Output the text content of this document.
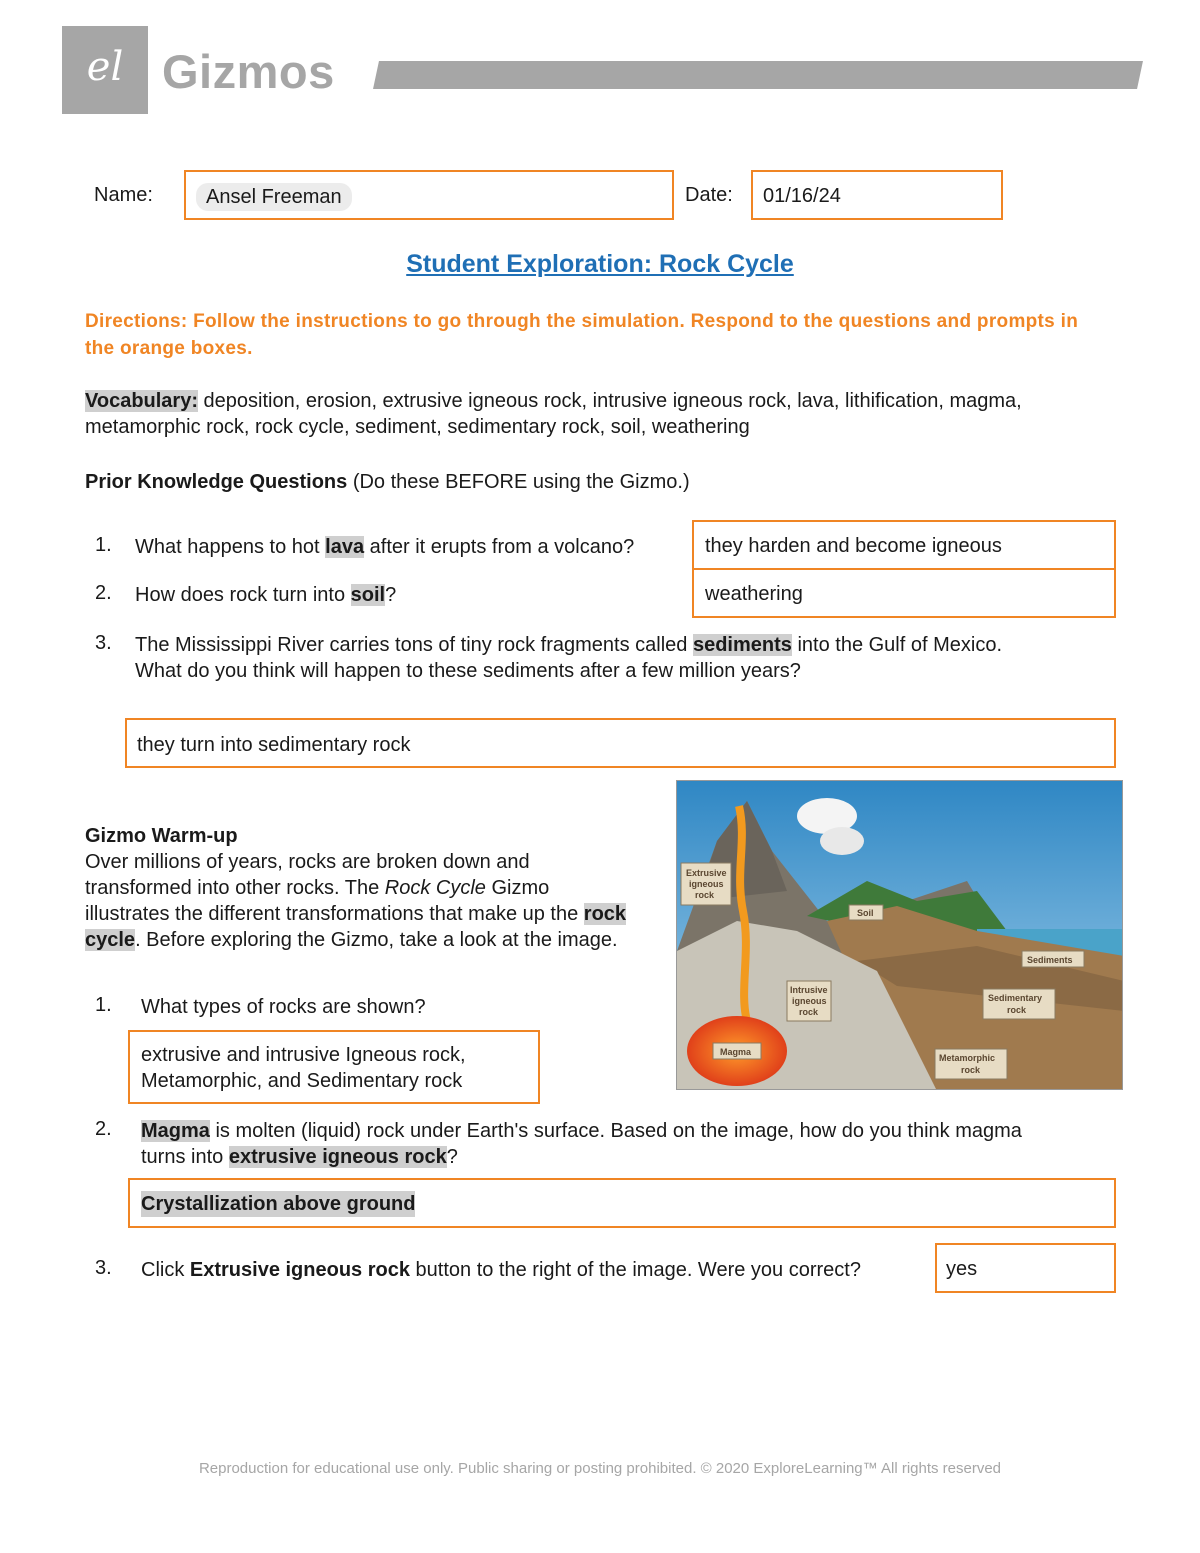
el Gizmos
Name:	Ansel Freeman	Date: 01/16/24
Student Exploration: Rock Cycle
Directions: Follow the instructions to go through the simulation. Respond to the questions and prompts in the orange boxes.
Vocabulary: deposition, erosion, extrusive igneous rock, intrusive igneous rock, lava, lithification, magma,
metamorphic rock, rock cycle, sediment, sedimentary rock, soil, weathering
Prior Knowledge Questions (Do these BEFORE using the Gizmo.)
1. What happens to hot lava after it erupts from a volcano?	they harden and become igneous
2. How does rock turn into soil?	weathering
3. The Mississippi River carries tons of tiny rock fragments called sediments into the Gulf of Mexico.
What do you think will happen to these sediments after a few million years?
they turn into sedimentary rock
Gizmo Warm-up
Over millions of years, rocks are broken down and
transformed into other rocks. The Rock Cycle Gizmo
illustrates the different transformations that make up the rock
cycle. Before exploring the Gizmo, take a look at the image.
Extrusive
igneous
rock
Soil
Sediments
Intrusive
igneous
rock
Sedimentary
rock
Magma
Metamorphic
rock
1. What types of rocks are shown?
extrusive and intrusive Igneous rock,
Metamorphic, and Sedimentary rock
2. Magma is molten (liquid) rock under Earth's surface. Based on the image, how do you think magma
turns into extrusive igneous rock?
Crystallization above ground
3. Click Extrusive igneous rock button to the right of the image. Were you correct?	yes
Reproduction for educational use only. Public sharing or posting prohibited. © 2020 ExploreLearning™ All rights reserved
